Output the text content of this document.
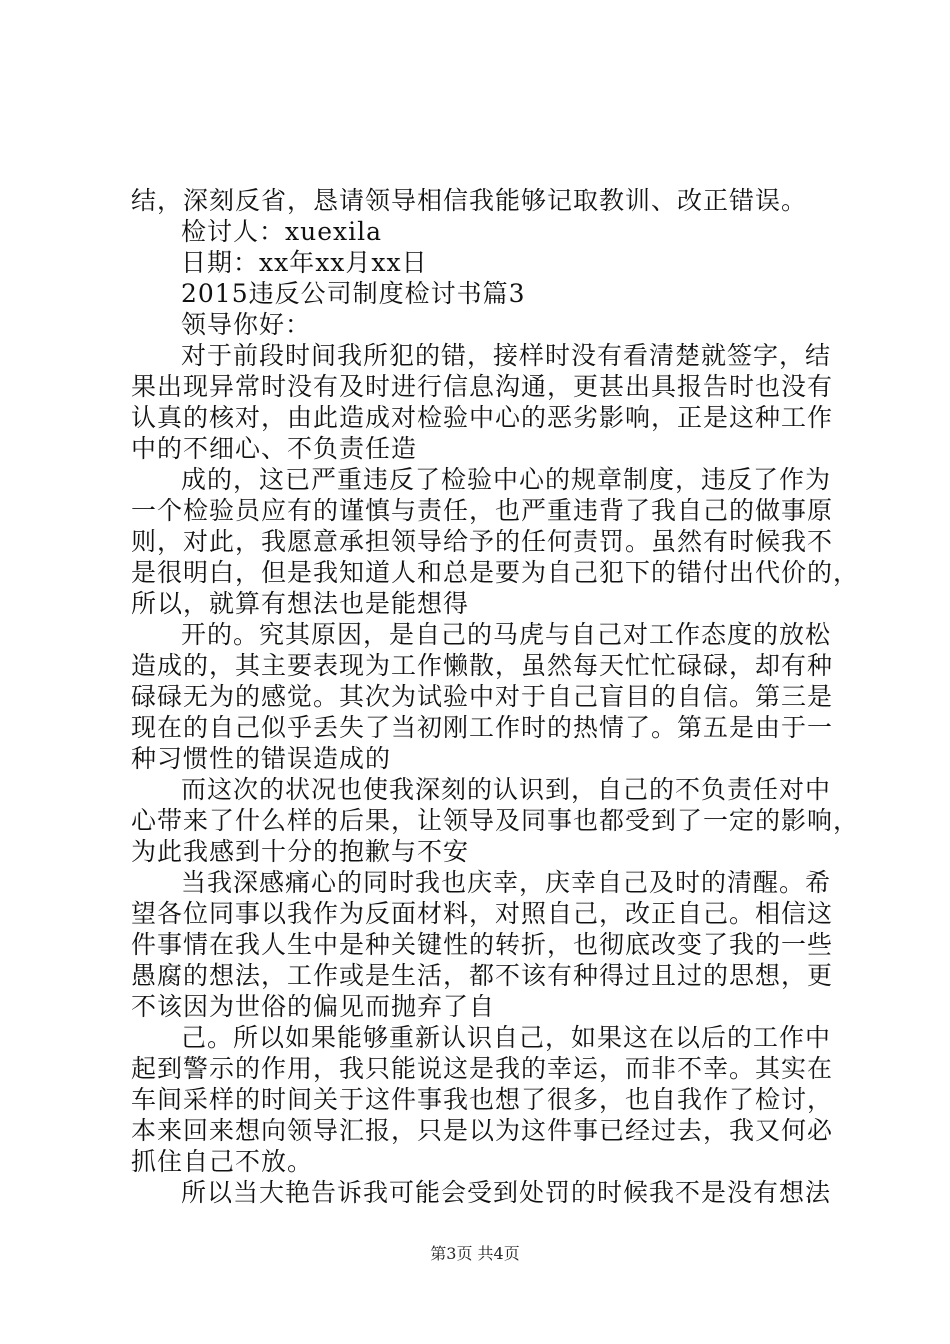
结，深刻反省，恳请领导相信我能够记取教训、改正错误。
检讨人：xuexila
日期：xx年xx月xx日
2015违反公司制度检讨书篇3
领导你好：
对于前段时间我所犯的错，接样时没有看清楚就签字，结
果出现异常时没有及时进行信息沟通，更甚出具报告时也没有
认真的核对，由此造成对检验中心的恶劣影响，正是这种工作
中的不细心、不负责任造
成的，这已严重违反了检验中心的规章制度，违反了作为
一个检验员应有的谨慎与责任，也严重违背了我自己的做事原
则，对此，我愿意承担领导给予的任何责罚。虽然有时候我不
是很明白，但是我知道人和总是要为自己犯下的错付出代价的，
所以，就算有想法也是能想得
开的。究其原因，是自己的马虎与自己对工作态度的放松
造成的，其主要表现为工作懒散，虽然每天忙忙碌碌，却有种
碌碌无为的感觉。其次为试验中对于自己盲目的自信。第三是
现在的自己似乎丢失了当初刚工作时的热情了。第五是由于一
种习惯性的错误造成的
而这次的状况也使我深刻的认识到，自己的不负责任对中
心带来了什么样的后果，让领导及同事也都受到了一定的影响，
为此我感到十分的抱歉与不安
当我深感痛心的同时我也庆幸，庆幸自己及时的清醒。希
望各位同事以我作为反面材料，对照自己，改正自己。相信这
件事情在我人生中是种关键性的转折，也彻底改变了我的一些
愚腐的想法，工作或是生活，都不该有种得过且过的思想，更
不该因为世俗的偏见而抛弃了自
己。所以如果能够重新认识自己，如果这在以后的工作中
起到警示的作用，我只能说这是我的幸运，而非不幸。其实在
车间采样的时间关于这件事我也想了很多，也自我作了检讨，
本来回来想向领导汇报，只是以为这件事已经过去，我又何必
抓住自己不放。
所以当大艳告诉我可能会受到处罚的时候我不是没有想法
第3页 共4页
